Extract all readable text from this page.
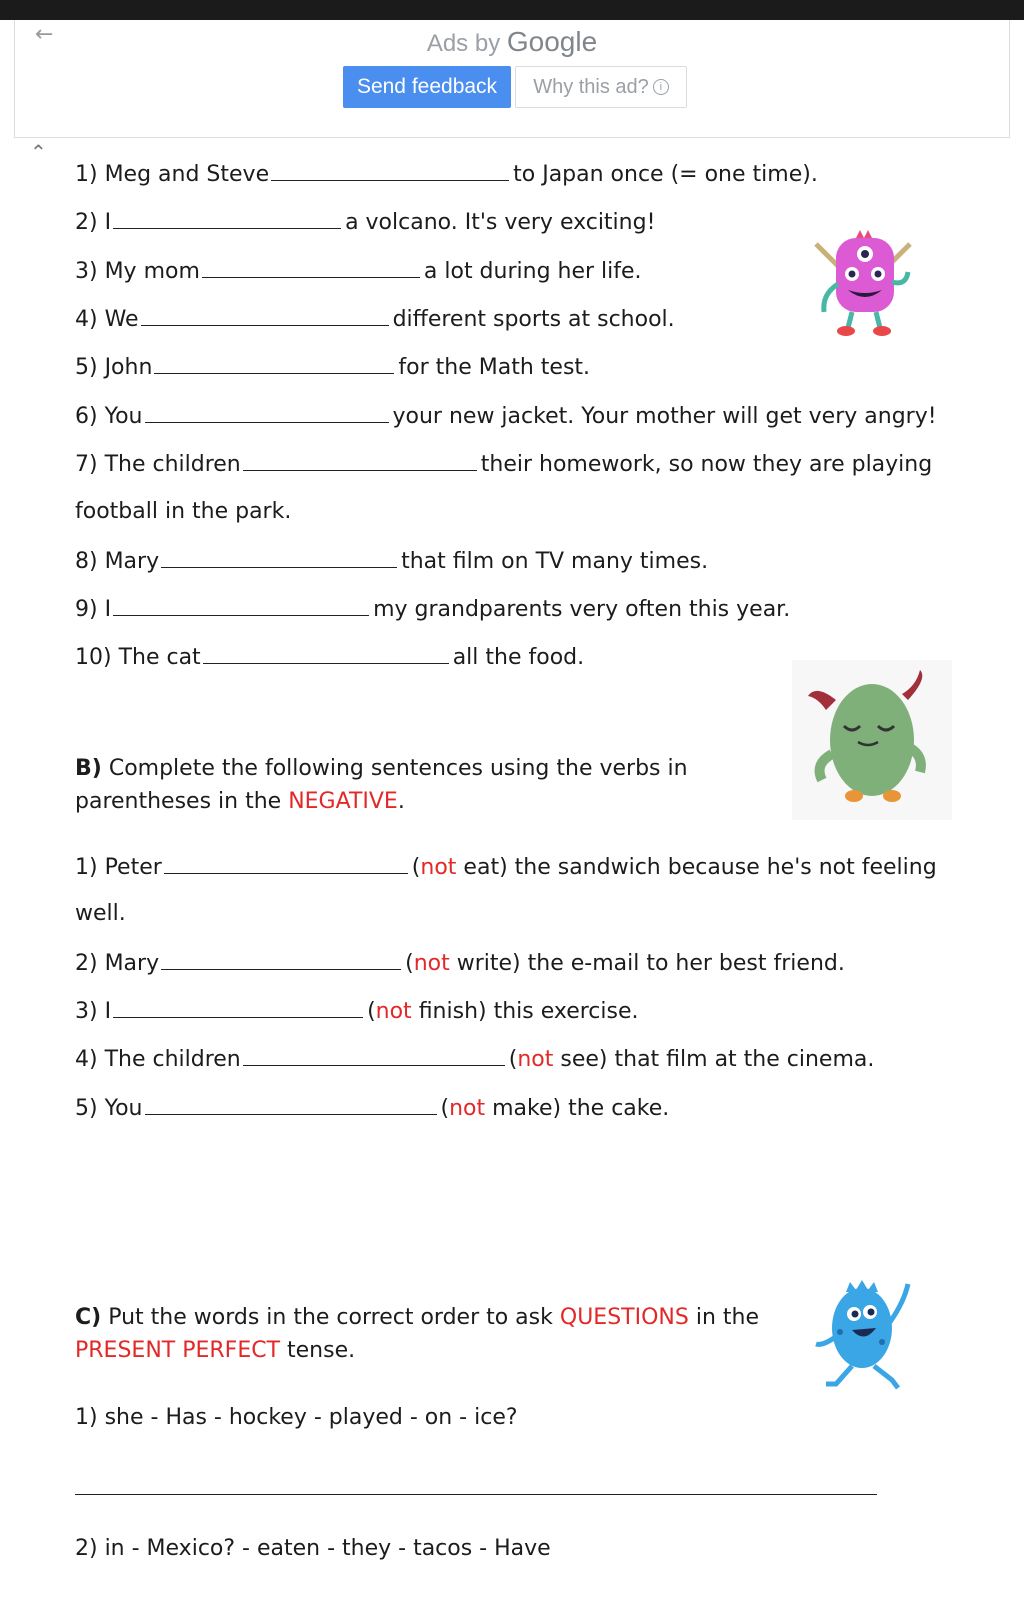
←	Ads by Google
Send feedback	Why this ad? i
⌃
1) Meg and Steve	to Japan once (= one time).
2) I	a volcano. It's very exciting!
3) My mom	a lot during her life.
4) We	different sports at school.
5) John	for the Math test.
6) You	your new jacket. Your mother will get very angry!
7) The children	their homework, so now they are playing
football in the park.
8) Mary	that film on TV many times.
9) I	my grandparents very often this year.
10) The cat	all the food.
B) Complete the following sentences using the verbs in
parentheses in the NEGATIVE.
1) Peter	(not eat) the sandwich because he's not feeling
well.
2) Mary	(not write) the e-mail to her best friend.
3) I	(not finish) this exercise.
4) The children	(not see) that film at the cinema.
5) You	(not make) the cake.
C) Put the words in the correct order to ask QUESTIONS in the
PRESENT PERFECT tense.
1) she - Has - hockey - played - on - ice?
2) in - Mexico? - eaten - they - tacos - Have
